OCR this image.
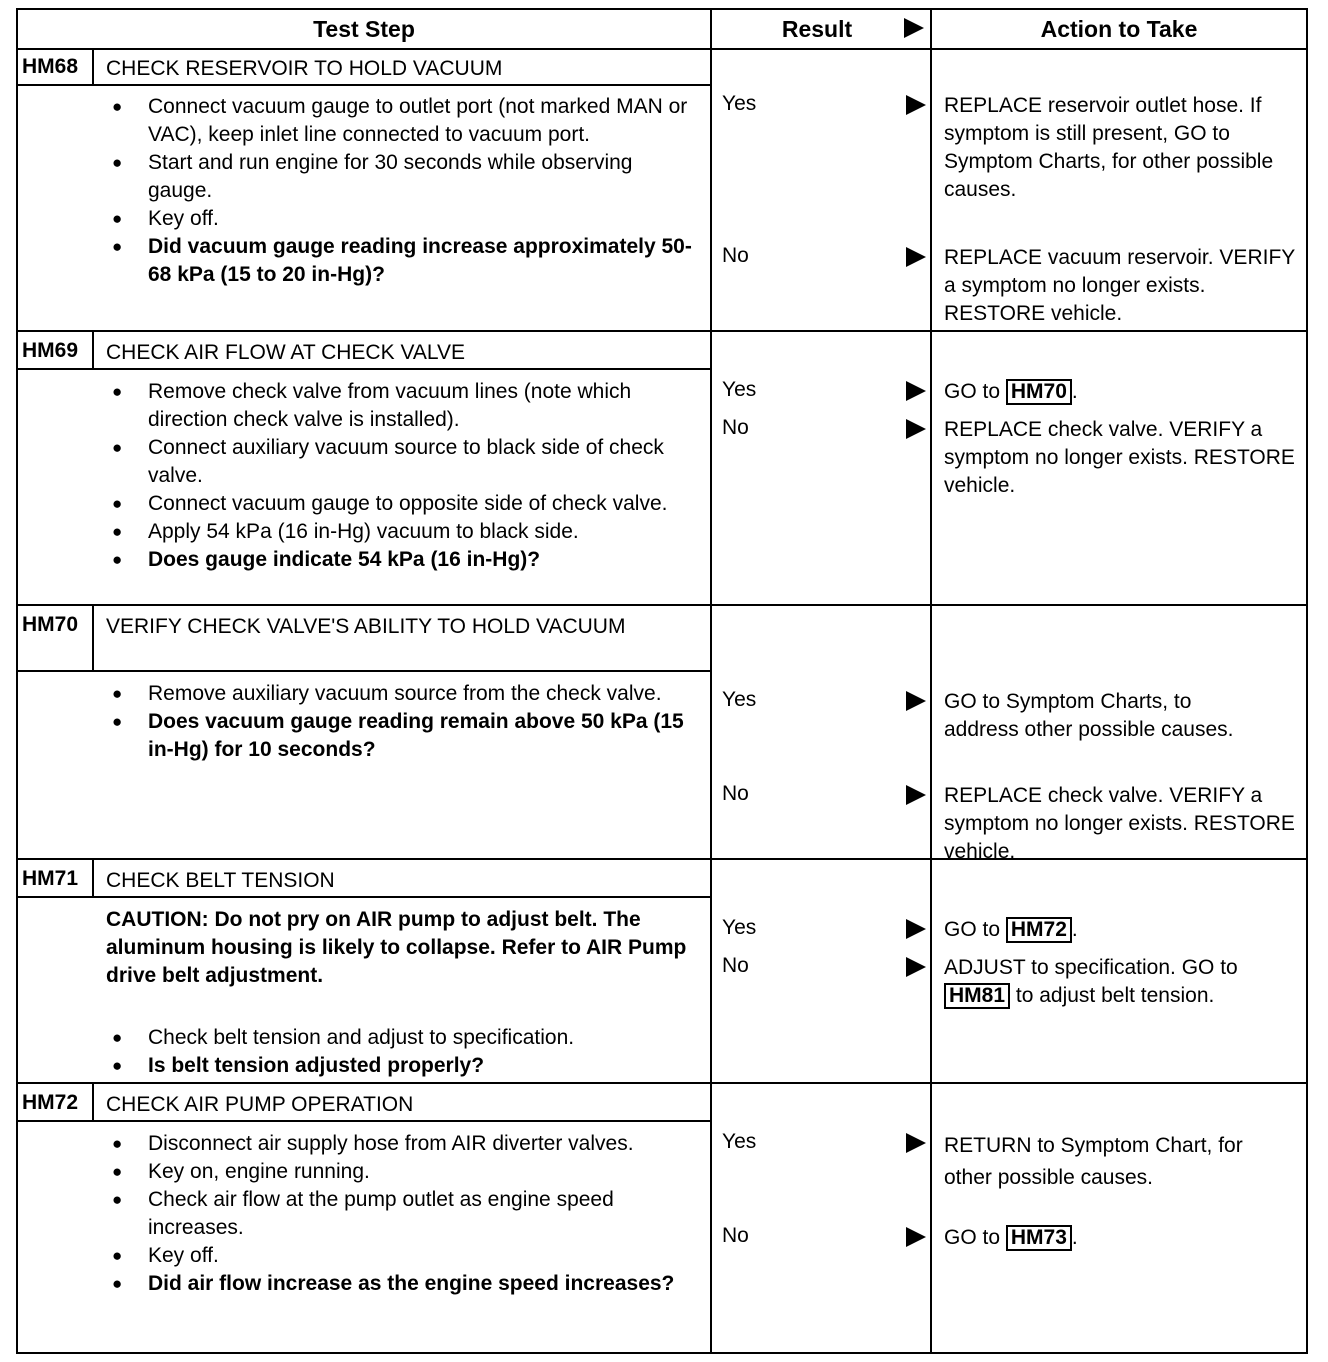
Test Step	Result	Action to Take
HM68	CHECK RESERVOIR TO HOLD VACUUM
● Connect vacuum gauge to outlet port (not marked MAN or VAC), keep inlet line connected to vacuum port.
● Start and run engine for 30 seconds while observing gauge.
● Key off.
● Did vacuum gauge reading increase approximately 50-68 kPa (15 to 20 in-Hg)?
Yes	REPLACE reservoir outlet hose. If symptom is still present, GO to Symptom Charts, for other possible causes.
No	REPLACE vacuum reservoir. VERIFY a symptom no longer exists. RESTORE vehicle.
HM69	CHECK AIR FLOW AT CHECK VALVE
● Remove check valve from vacuum lines (note which direction check valve is installed).
● Connect auxiliary vacuum source to black side of check valve.
● Connect vacuum gauge to opposite side of check valve.
● Apply 54 kPa (16 in-Hg) vacuum to black side.
● Does gauge indicate 54 kPa (16 in-Hg)?
Yes	GO to HM70 .
No	REPLACE check valve. VERIFY a symptom no longer exists. RESTORE vehicle.
HM70	VERIFY CHECK VALVE'S ABILITY TO HOLD VACUUM
● Remove auxiliary vacuum source from the check valve.
● Does vacuum gauge reading remain above 50 kPa (15 in-Hg) for 10 seconds?
Yes	GO to Symptom Charts, to address other possible causes.
No	REPLACE check valve. VERIFY a symptom no longer exists. RESTORE vehicle.
HM71	CHECK BELT TENSION
CAUTION: Do not pry on AIR pump to adjust belt. The aluminum housing is likely to collapse. Refer to AIR Pump drive belt adjustment.
● Check belt tension and adjust to specification.
● Is belt tension adjusted properly?
Yes	GO to HM72 .
No	ADJUST to specification. GO to HM81 to adjust belt tension.
HM72	CHECK AIR PUMP OPERATION
● Disconnect air supply hose from AIR diverter valves.
● Key on, engine running.
● Check air flow at the pump outlet as engine speed increases.
● Key off.
● Did air flow increase as the engine speed increases?
Yes	RETURN to Symptom Chart, for other possible causes.
No	GO to HM73 .
